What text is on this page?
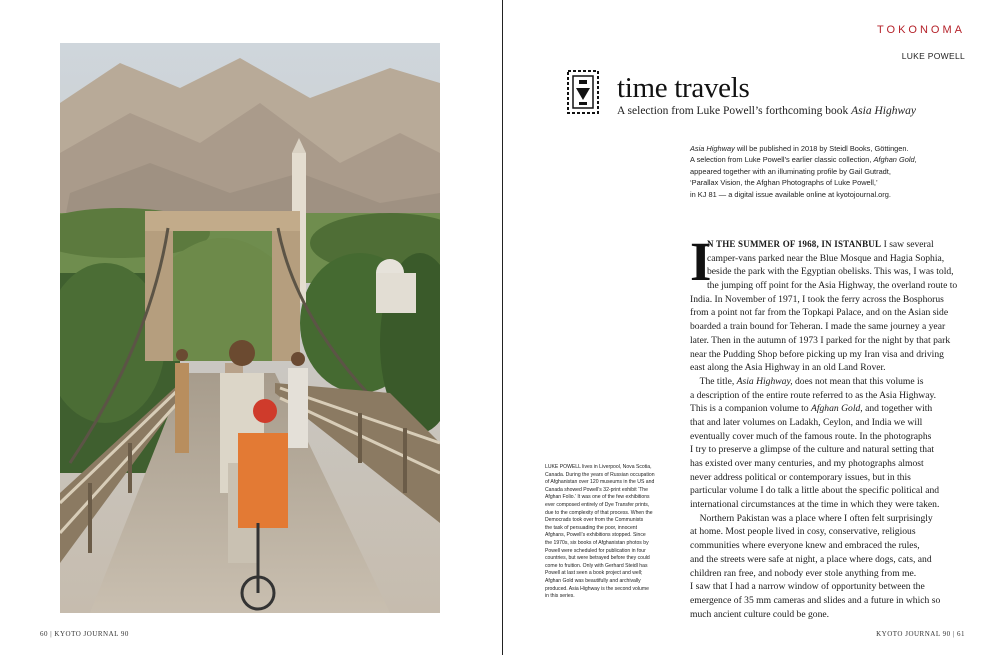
60 | KYOTO JOURNAL 90
TOKONOMA
LUKE POWELL
time travels
A selection from Luke Powell’s forthcoming book Asia Highway
Asia Highway will be published in 2018 by Steidl Books, Göttingen.
A selection from Luke Powell’s earlier classic collection, Afghan Gold,
appeared together with an illuminating profile by Gail Gutradt,
‘Parallax Vision, the Afghan Photographs of Luke Powell,’
in KJ 81 — a digital issue available online at kyotojournal.org.
LUKE POWELL lives in Liverpool, Nova Scotia,
Canada. During the years of Russian occupation
of Afghanistan over 120 museums in the US and
Canada showed Powell’s 32-print exhibit ‘The
Afghan Folio.’ It was one of the few exhibitions
ever composed entirely of Dye Transfer prints,
due to the complexity of that process. When the
Democrads took over from the Communists
the task of persuading the poor, innocent
Afghans, Powell’s exhibitions stopped. Since
the 1970s, six books of Afghanistan photos by
Powell were scheduled for publication in four
countries, but were betrayed before they could
come to fruition. Only with Gerhard Steidl has
Powell at last seen a book project and well;
Afghan Gold was beautifully and archivally
produced. Asia Highway is the second volume
in this series.
I
N THE SUMMER OF 1968, IN ISTANBUL I saw several
camper-vans parked near the Blue Mosque and Hagia Sophia,
beside the park with the Egyptian obelisks. This was, I was told,
the jumping off point for the Asia Highway, the overland route to
India. In November of 1971, I took the ferry across the Bosphorus
from a point not far from the Topkapi Palace, and on the Asian side
boarded a train bound for Teheran. I made the same journey a year
later. Then in the autumn of 1973 I parked for the night by that park
near the Pudding Shop before picking up my Iran visa and driving
east along the Asia Highway in an old Land Rover.
 The title, Asia Highway, does not mean that this volume is
a description of the entire route referred to as the Asia Highway.
This is a companion volume to Afghan Gold, and together with
that and later volumes on Ladakh, Ceylon, and India we will
eventually cover much of the famous route. In the photographs
I try to preserve a glimpse of the culture and natural setting that
has existed over many centuries, and my photographs almost
never address political or contemporary issues, but in this
particular volume I do talk a little about the specific political and
international circumstances at the time in which they were taken.
 Northern Pakistan was a place where I often felt surprisingly
at home. Most people lived in cosy, conservative, religious
communities where everyone knew and embraced the rules,
and the streets were safe at night, a place where dogs, cats, and
children ran free, and nobody ever stole anything from me.
I saw that I had a narrow window of opportunity between the
emergence of 35 mm cameras and slides and a future in which so
much ancient culture could be gone.
KYOTO JOURNAL 90 | 61
